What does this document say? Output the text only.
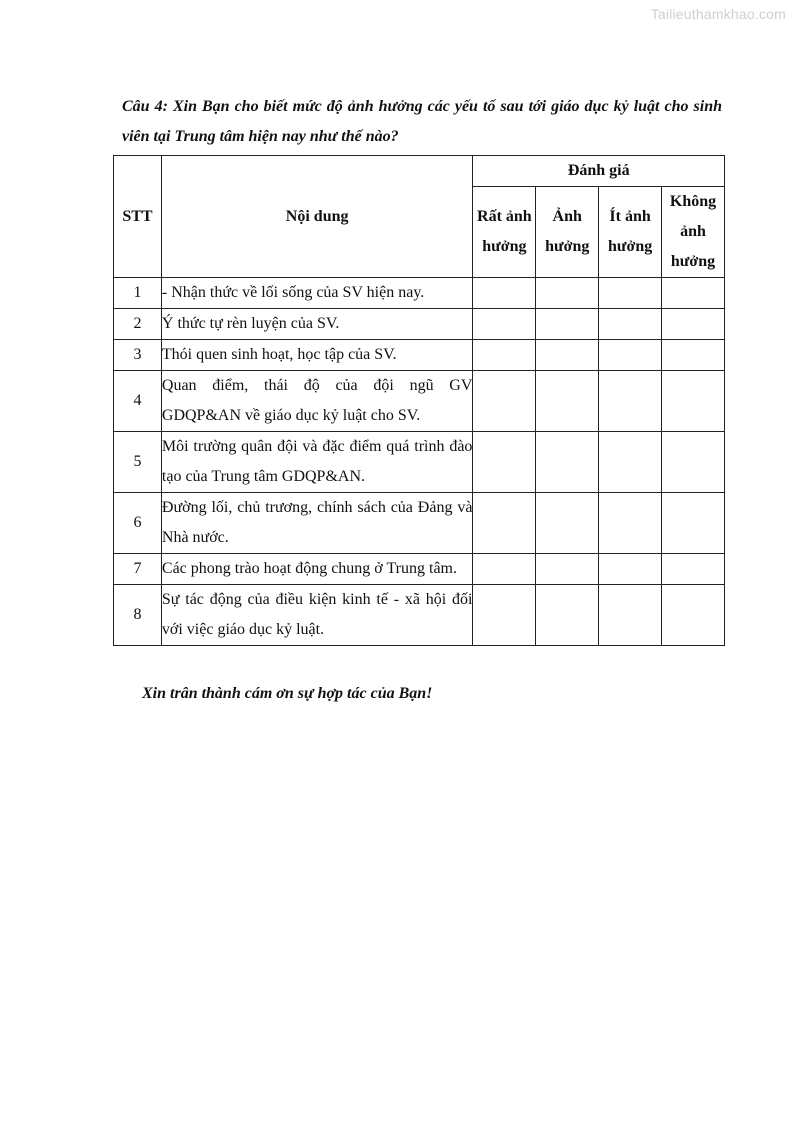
Tailieuthamkhao.com
Câu 4: Xin Bạn cho biết mức độ ảnh hưởng các yếu tố sau tới giáo dục kỷ luật cho sinh viên tại Trung tâm hiện nay như thế nào?
STT	Nội dung	Đánh giá			
		Rất ảnh hưởng	Ảnh hưởng	Ít ảnh hưởng	Không ảnh hưởng
1	- Nhận thức về lối sống của SV hiện nay.				
2	Ý thức tự rèn luyện của SV.				
3	Thói quen sinh hoạt, học tập của SV.				
4	Quan điểm, thái độ của đội ngũ GV GDQP&AN về giáo dục kỷ luật cho SV.				
5	Môi trường quân đội và đặc điểm quá trình đào tạo của Trung tâm GDQP&AN.				
6	Đường lối, chủ trương, chính sách của Đảng và Nhà nước.				
7	Các phong trào hoạt động chung ở Trung tâm.				
8	Sự tác động của điều kiện kinh tế - xã hội đối với việc giáo dục kỷ luật.				
Xin trân thành cám ơn sự hợp tác của Bạn!
